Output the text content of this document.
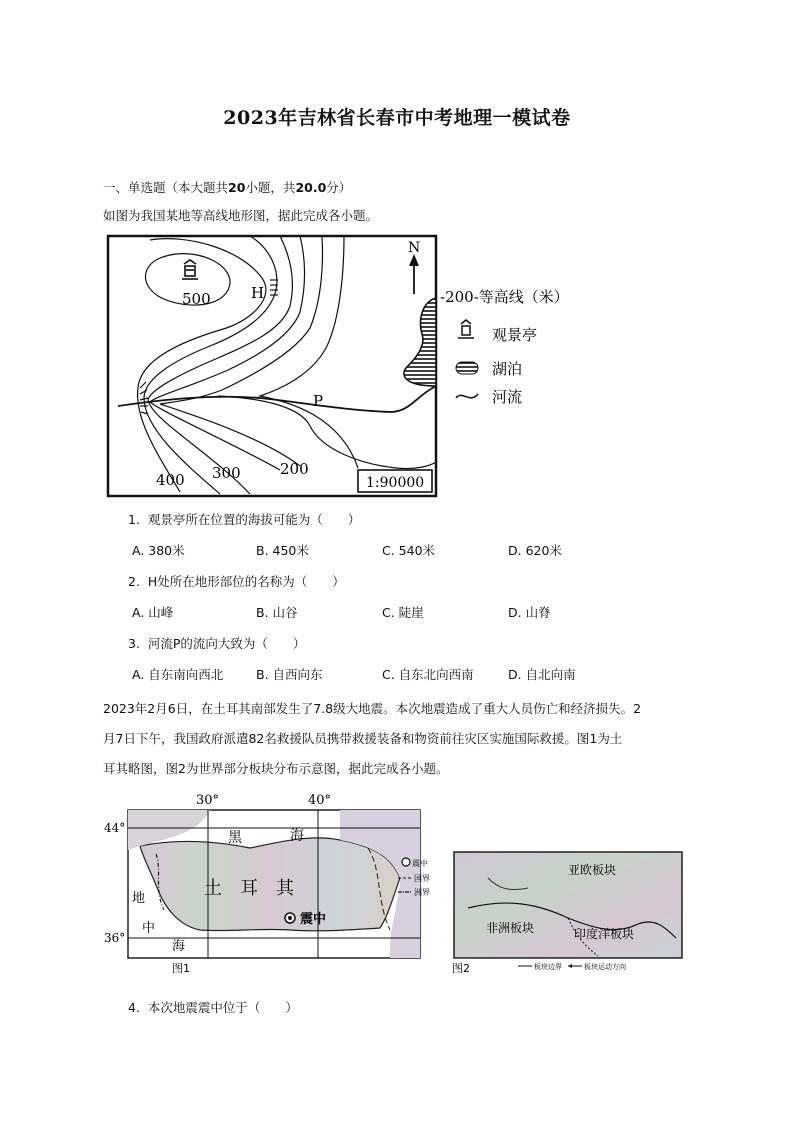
2023年吉林省长春市中考地理一模试卷
一、单选题（本大题共20小题，共20.0分）
如图为我国某地等高线地形图，据此完成各小题。
500	H
P
400 300	200
N
1:90000
-200-等高线（米）
观景亭
湖泊
河流
1. 观景亭所在位置的海拔可能为（　　）
A. 380米	B. 450米	C. 540米	D. 620米
2. H处所在地形部位的名称为（　　）
A. 山峰	B. 山谷	C. 陡崖	D. 山脊
3. 河流P的流向大致为（　　）
A. 自东南向西北	B. 自西向东	C. 自东北向西南	D. 自北向南
2023年2月6日，在土耳其南部发生了7.8级大地震。本次地震造成了重大人员伤亡和经济损失。2
月7日下午，我国政府派遣82名救援队员携带救援装备和物资前往灾区实施国际救援。图1为土
耳其略图，图2为世界部分板块分布示意图，据此完成各小题。
震中
30°	40°
44°
36°
黑	海
土　耳　其
地
中
海
图1
震中
国界
洲界
亚欧板块
非洲板块	印度洋板块
图2	板块边界	板块运动方向
4. 本次地震震中位于（　　）
